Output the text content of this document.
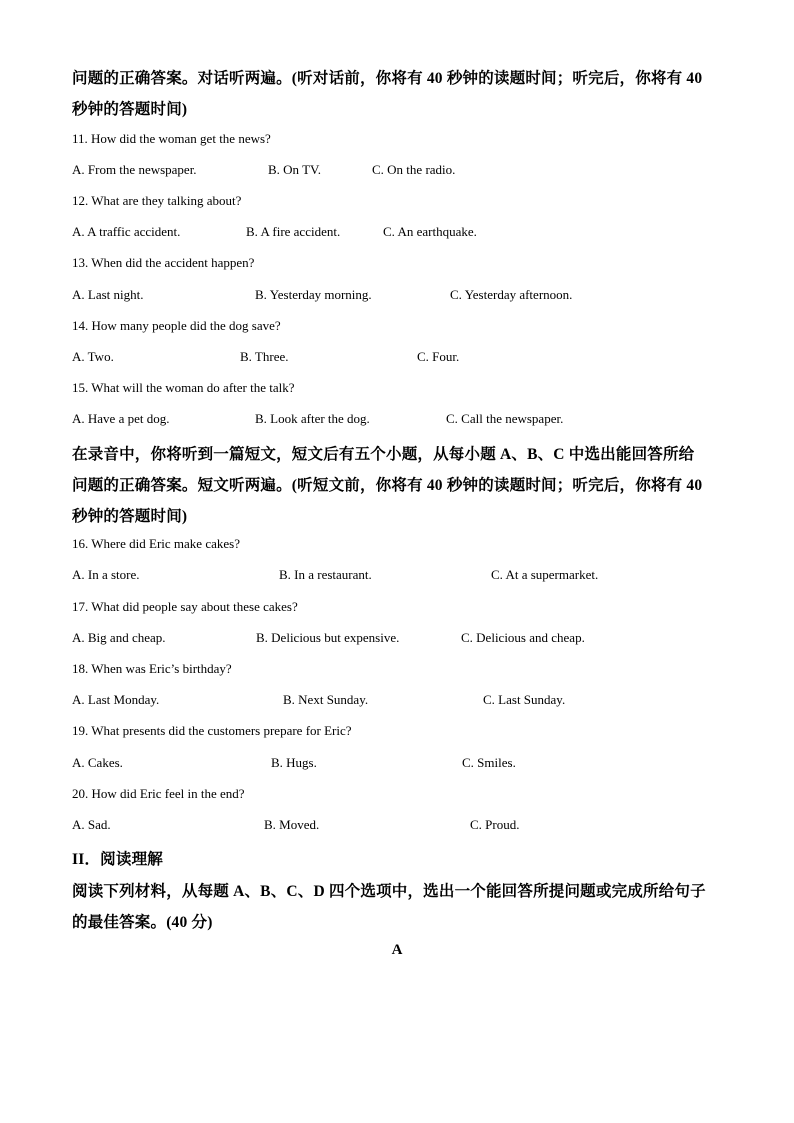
问题的正确答案。对话听两遍。(听对话前，你将有 40 秒钟的读题时间；听完后，你将有 40
秒钟的答题时间)
11. How did the woman get the news?
A. From the newspaper.	B. On TV.	C. On the radio.
12. What are they talking about?
A. A traffic accident.	B. A fire accident.	C. An earthquake.
13. When did the accident happen?
A. Last night.	B. Yesterday morning.	C. Yesterday afternoon.
14. How many people did the dog save?
A. Two.	B. Three.	C. Four.
15. What will the woman do after the talk?
A. Have a pet dog.	B. Look after the dog.	C. Call the newspaper.
在录音中，你将听到一篇短文，短文后有五个小题，从每小题 A、B、C 中选出能回答所给
问题的正确答案。短文听两遍。(听短文前，你将有 40 秒钟的读题时间；听完后，你将有 40
秒钟的答题时间)
16. Where did Eric make cakes?
A. In a store.	B. In a restaurant.	C. At a supermarket.
17. What did people say about these cakes?
A. Big and cheap.	B. Delicious but expensive.	C. Delicious and cheap.
18. When was Eric’s birthday?
A. Last Monday.	B. Next Sunday.	C. Last Sunday.
19. What presents did the customers prepare for Eric?
A. Cakes.	B. Hugs.	C. Smiles.
20. How did Eric feel in the end?
A. Sad.	B. Moved.	C. Proud.
II．阅读理解
阅读下列材料，从每题 A、B、C、D 四个选项中，选出一个能回答所提问题或完成所给句子
的最佳答案。(40 分)
A
